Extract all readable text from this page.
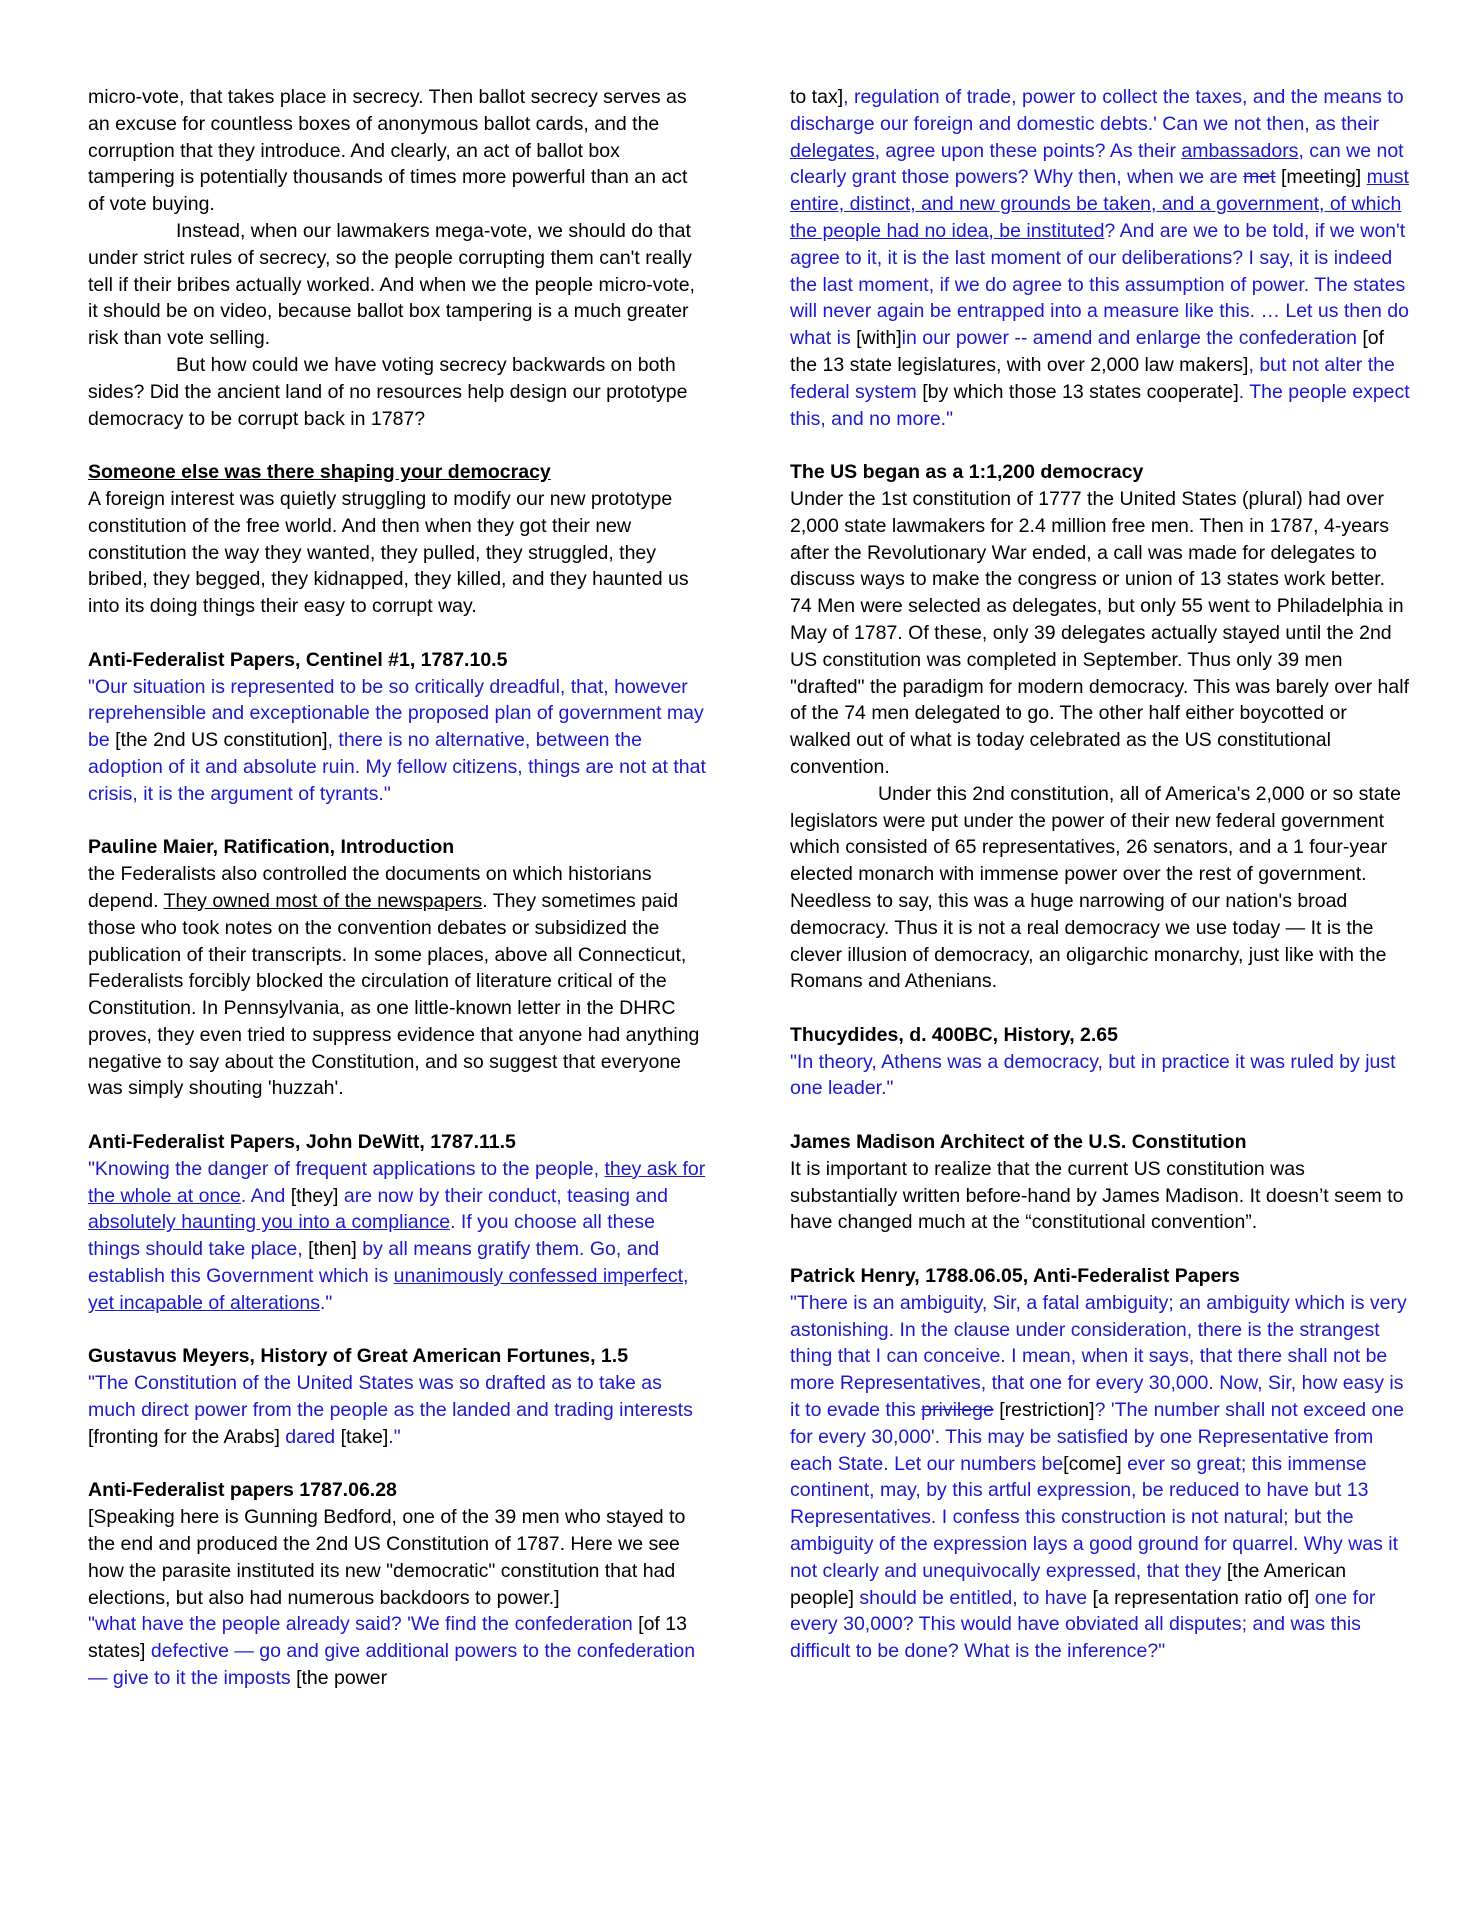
micro-vote, that takes place in secrecy. Then ballot secrecy serves as an excuse for countless boxes of anonymous ballot cards, and the corruption that they introduce. And clearly, an act of ballot box tampering is potentially thousands of times more powerful than an act of vote buying.

Instead, when our lawmakers mega-vote, we should do that under strict rules of secrecy, so the people corrupting them can't really tell if their bribes actually worked. And when we the people micro-vote, it should be on video, because ballot box tampering is a much greater risk than vote selling.

But how could we have voting secrecy backwards on both sides? Did the ancient land of no resources help design our prototype democracy to be corrupt back in 1787?

Someone else was there shaping your democracy

A foreign interest was quietly struggling to modify our new prototype constitution of the free world. And then when they got their new constitution the way they wanted, they pulled, they struggled, they bribed, they begged, they kidnapped, they killed, and they haunted us into its doing things their easy to corrupt way.

Anti-Federalist Papers, Centinel #1, 1787.10.5

"Our situation is represented to be so critically dreadful, that, however reprehensible and exceptionable the proposed plan of government may be [the 2nd US constitution], there is no alternative, between the adoption of it and absolute ruin. My fellow citizens, things are not at that crisis, it is the argument of tyrants."

Pauline Maier, Ratification, Introduction

the Federalists also controlled the documents on which historians depend. They owned most of the newspapers. They sometimes paid those who took notes on the convention debates or subsidized the publication of their transcripts. In some places, above all Connecticut, Federalists forcibly blocked the circulation of literature critical of the Constitution. In Pennsylvania, as one little-known letter in the DHRC proves, they even tried to suppress evidence that anyone had anything negative to say about the Constitution, and so suggest that everyone was simply shouting 'huzzah'.

Anti-Federalist Papers, John DeWitt, 1787.11.5

"Knowing the danger of frequent applications to the people, they ask for the whole at once. And [they] are now by their conduct, teasing and absolutely haunting you into a compliance. If you choose all these things should take place, [then] by all means gratify them. Go, and establish this Government which is unanimously confessed imperfect, yet incapable of alterations."

Gustavus Meyers, History of Great American Fortunes, 1.5

"The Constitution of the United States was so drafted as to take as much direct power from the people as the landed and trading interests [fronting for the Arabs] dared [take]."

Anti-Federalist papers 1787.06.28

[Speaking here is Gunning Bedford, one of the 39 men who stayed to the end and produced the 2nd US Constitution of 1787. Here we see how the parasite instituted its new "democratic" constitution that had elections, but also had numerous backdoors to power.]

"what have the people already said? 'We find the confederation [of 13 states] defective — go and give additional powers to the confederation — give to it the imposts [the power

to tax], regulation of trade, power to collect the taxes, and the means to discharge our foreign and domestic debts.' Can we not then, as their delegates, agree upon these points? As their ambassadors, can we not clearly grant those powers? Why then, when we are met [meeting] must entire, distinct, and new grounds be taken, and a government, of which the people had no idea, be instituted? And are we to be told, if we won't agree to it, it is the last moment of our deliberations? I say, it is indeed the last moment, if we do agree to this assumption of power. The states will never again be entrapped into a measure like this. … Let us then do what is [with]in our power -- amend and enlarge the confederation [of the 13 state legislatures, with over 2,000 law makers], but not alter the federal system [by which those 13 states cooperate]. The people expect this, and no more."

The US began as a 1:1,200 democracy

Under the 1st constitution of 1777 the United States (plural) had over 2,000 state lawmakers for 2.4 million free men. Then in 1787, 4-years after the Revolutionary War ended, a call was made for delegates to discuss ways to make the congress or union of 13 states work better. 74 Men were selected as delegates, but only 55 went to Philadelphia in May of 1787. Of these, only 39 delegates actually stayed until the 2nd US constitution was completed in September. Thus only 39 men "drafted" the paradigm for modern democracy. This was barely over half of the 74 men delegated to go. The other half either boycotted or walked out of what is today celebrated as the US constitutional convention.

Under this 2nd constitution, all of America's 2,000 or so state legislators were put under the power of their new federal government which consisted of 65 representatives, 26 senators, and a 1 four-year elected monarch with immense power over the rest of government. Needless to say, this was a huge narrowing of our nation's broad democracy. Thus it is not a real democracy we use today — It is the clever illusion of democracy, an oligarchic monarchy, just like with the Romans and Athenians.

Thucydides, d. 400BC, History, 2.65

"In theory, Athens was a democracy, but in practice it was ruled by just one leader."

James Madison Architect of the U.S. Constitution

It is important to realize that the current US constitution was substantially written before-hand by James Madison. It doesn’t seem to have changed much at the “constitutional convention”.

Patrick Henry, 1788.06.05, Anti-Federalist Papers

"There is an ambiguity, Sir, a fatal ambiguity; an ambiguity which is very astonishing. In the clause under consideration, there is the strangest thing that I can conceive. I mean, when it says, that there shall not be more Representatives, that one for every 30,000. Now, Sir, how easy is it to evade this privilege [restriction]? 'The number shall not exceed one for every 30,000'. This may be satisfied by one Representative from each State. Let our numbers be[come] ever so great; this immense continent, may, by this artful expression, be reduced to have but 13 Representatives. I confess this construction is not natural; but the ambiguity of the expression lays a good ground for quarrel. Why was it not clearly and unequivocally expressed, that they [the American people] should be entitled, to have [a representation ratio of] one for every 30,000? This would have obviated all disputes; and was this difficult to be done? What is the inference?"
